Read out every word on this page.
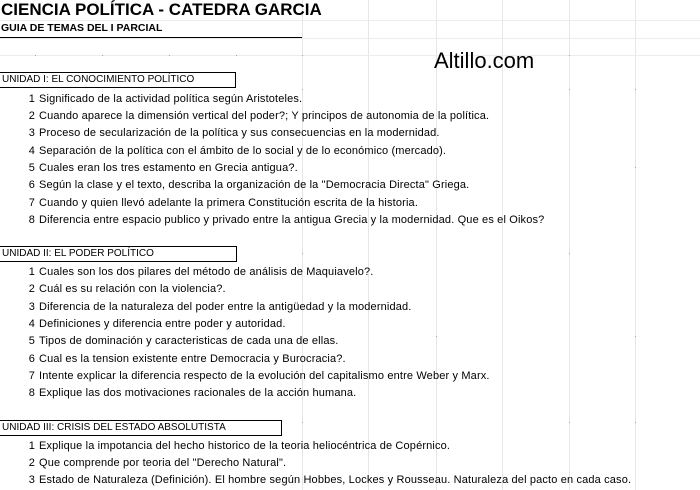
CIENCIA POLÍTICA - CATEDRA GARCIA
GUIA DE TEMAS DEL I PARCIAL
Altillo.com
UNIDAD I: EL CONOCIMIENTO POLÍTICO
1 Significado de la actividad política según Aristoteles.
2 Cuando aparece la dimensión vertical del poder?; Y principos de autonomia de la política.
3 Proceso de secularización de la política y sus consecuencias en la modernidad.
4 Separación de la política con el ámbito de lo social y de lo económico (mercado).
5 Cuales eran los tres estamento en Grecia antigua?.
6 Según la clase y el texto, describa la organización de la "Democracia Directa" Griega.
7 Cuando y quien llevó adelante la primera Constitución escrita de la historia.
8 Diferencia entre espacio publico y privado entre la antigua Grecia y la modernidad. Que es el Oikos?
UNIDAD II: EL PODER POLÍTICO
1 Cuales son los dos pilares del método de análisis de Maquiavelo?.
2 Cuál es su relación con la violencia?.
3 Diferencia de la naturaleza del poder entre la antigüedad y la modernidad.
4 Definiciones y diferencia entre poder y autoridad.
5 Tipos de dominación y caracteristicas de cada una de ellas.
6 Cual es la tension existente entre Democracia y Burocracia?.
7 Intente explicar la diferencia respecto de la evolución del capitalismo entre Weber y Marx.
8 Explique las dos motivaciones racionales de la acción humana.
UNIDAD III: CRISIS DEL ESTADO ABSOLUTISTA
1 Explique la impotancia del hecho historico de la teoria heliocéntrica de Copérnico.
2 Que comprende por teoria del "Derecho Natural".
3 Estado de Naturaleza (Definición). El hombre según Hobbes, Lockes y Rousseau. Naturaleza del pacto en cada caso.
